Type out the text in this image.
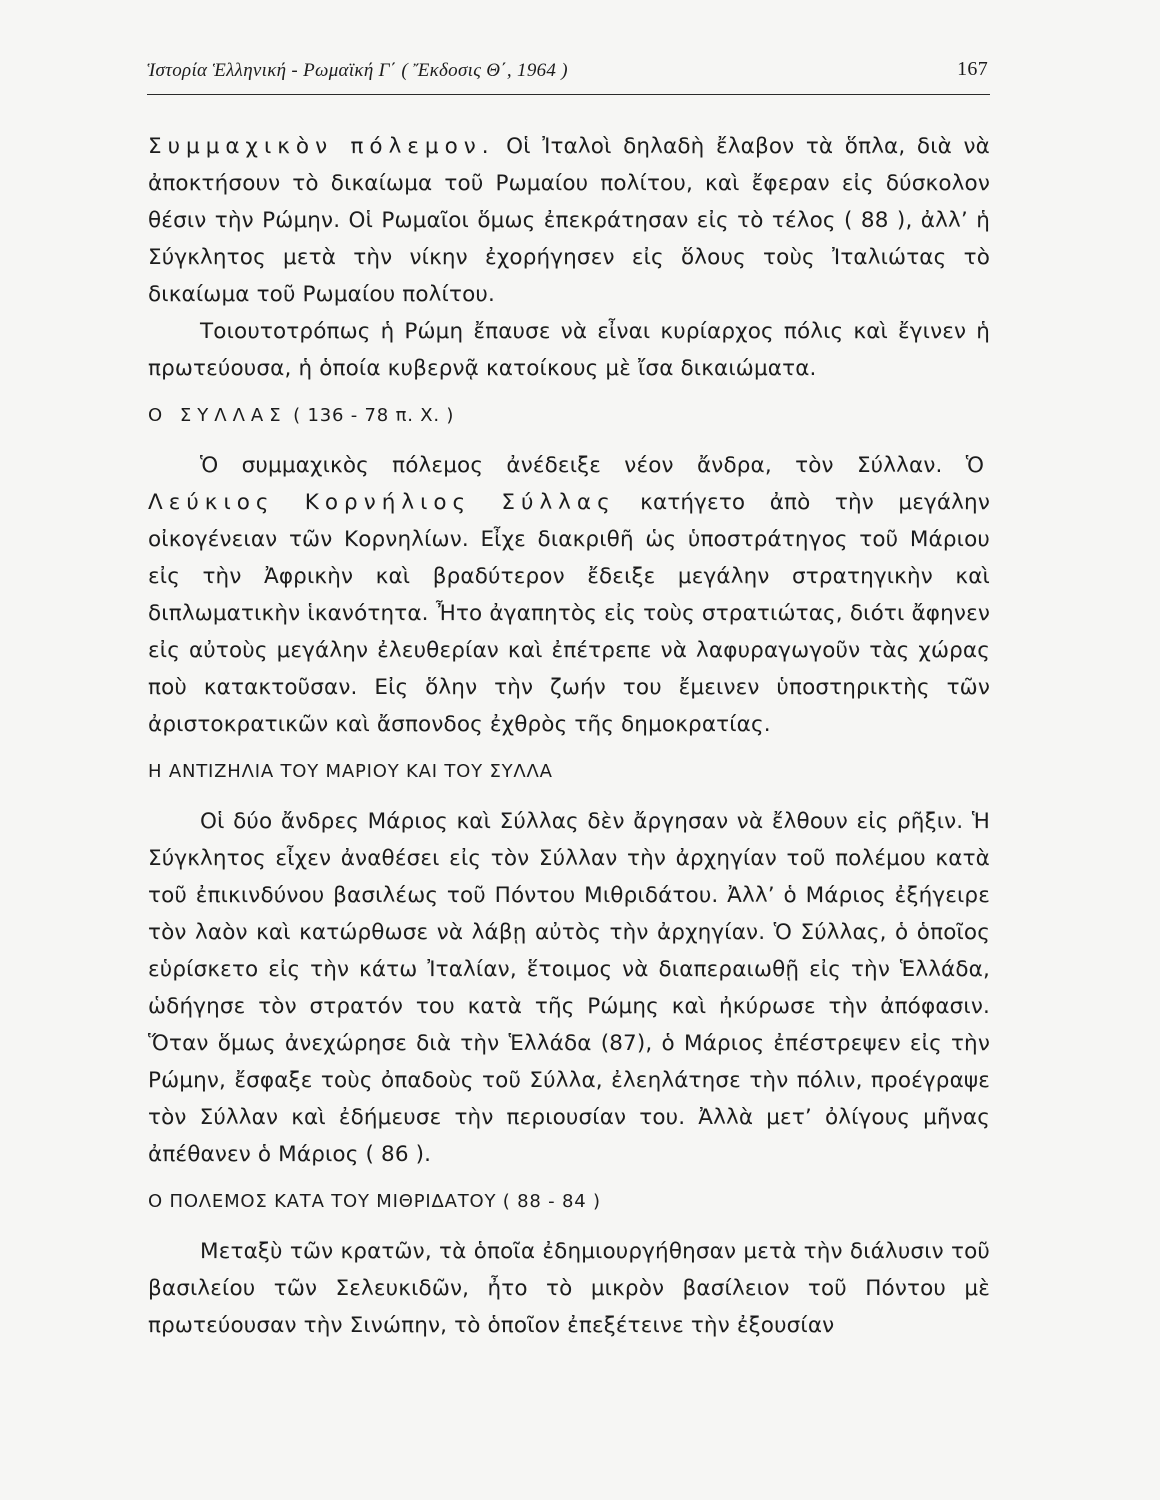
Ἱστορία Ἑλληνική - Ρωμαϊκή Γ΄ ( Ἔκδοσις Θ΄, 1964 )	167

Συμμαχικὸν πόλεμον. Οἱ Ἰταλοὶ δηλαδὴ ἔλαβον τὰ ὅπλα, διὰ νὰ ἀποκτήσουν τὸ δικαίωμα τοῦ Ρωμαίου πολίτου, καὶ ἔφεραν εἰς δύσκολον θέσιν τὴν Ρώμην. Οἱ Ρωμαῖοι ὅμως ἐπεκράτησαν εἰς τὸ τέλος ( 88 ), ἀλλ’ ἡ Σύγκλητος μετὰ τὴν νίκην ἐχορήγησεν εἰς ὅλους τοὺς Ἰταλιώτας τὸ δικαίωμα τοῦ Ρωμαίου πολίτου.

Τοιουτοτρόπως ἡ Ρώμη ἔπαυσε νὰ εἶναι κυρίαρχος πόλις καὶ ἔγινεν ἡ πρωτεύουσα, ἡ ὁποία κυβερνᾷ κατοίκους μὲ ἴσα δικαιώματα.

Ο ΣΥΛΛΑΣ ( 136 - 78 π. Χ. )

Ὁ συμμαχικὸς πόλεμος ἀνέδειξε νέον ἄνδρα, τὸν Σύλλαν. Ὁ Λεύκιος Κορνήλιος Σύλλας κατήγετο ἀπὸ τὴν μεγάλην οἰκογένειαν τῶν Κορνηλίων. Εἶχε διακριθῆ ὡς ὑποστράτηγος τοῦ Μάριου εἰς τὴν Ἀφρικὴν καὶ βραδύτερον ἔδειξε μεγάλην στρατηγικὴν καὶ διπλωματικὴν ἱκανότητα. Ἦτο ἀγαπητὸς εἰς τοὺς στρατιώτας, διότι ἄφηνεν εἰς αὐτοὺς μεγάλην ἐλευθερίαν καὶ ἐπέτρεπε νὰ λαφυραγωγοῦν τὰς χώρας ποὺ κατακτοῦσαν. Εἰς ὅλην τὴν ζωήν του ἔμεινεν ὑποστηρικτὴς τῶν ἀριστοκρατικῶν καὶ ἄσπονδος ἐχθρὸς τῆς δημοκρατίας.

Η ΑΝΤΙΖΗΛΙΑ ΤΟΥ ΜΑΡΙΟΥ ΚΑΙ ΤΟΥ ΣΥΛΛΑ

Οἱ δύο ἄνδρες Μάριος καὶ Σύλλας δὲν ἄργησαν νὰ ἔλθουν εἰς ρῆξιν. Ἡ Σύγκλητος εἶχεν ἀναθέσει εἰς τὸν Σύλλαν τὴν ἀρχηγίαν τοῦ πολέμου κατὰ τοῦ ἐπικινδύνου βασιλέως τοῦ Πόντου Μιθριδάτου. Ἀλλ’ ὁ Μάριος ἐξήγειρε τὸν λαὸν καὶ κατώρθωσε νὰ λάβῃ αὐτὸς τὴν ἀρχηγίαν. Ὁ Σύλλας, ὁ ὁποῖος εὑρίσκετο εἰς τὴν κάτω Ἰταλίαν, ἕτοιμος νὰ διαπεραιωθῇ εἰς τὴν Ἑλλάδα, ὡδήγησε τὸν στρατόν του κατὰ τῆς Ρώμης καὶ ἠκύρωσε τὴν ἀπόφασιν. Ὅταν ὅμως ἀνεχώρησε διὰ τὴν Ἑλλάδα (87), ὁ Μάριος ἐπέστρεψεν εἰς τὴν Ρώμην, ἔσφαξε τοὺς ὀπαδοὺς τοῦ Σύλλα, ἐλεηλάτησε τὴν πόλιν, προέγραψε τὸν Σύλλαν καὶ ἐδήμευσε τὴν περιουσίαν του. Ἀλλὰ μετ’ ὀλίγους μῆνας ἀπέθανεν ὁ Μάριος ( 86 ).

Ο ΠΟΛΕΜΟΣ ΚΑΤΑ ΤΟΥ ΜΙΘΡΙΔΑΤΟΥ ( 88 - 84 )

Μεταξὺ τῶν κρατῶν, τὰ ὁποῖα ἐδημιουργήθησαν μετὰ τὴν διάλυσιν τοῦ βασιλείου τῶν Σελευκιδῶν, ἦτο τὸ μικρὸν βασίλειον τοῦ Πόντου μὲ πρωτεύουσαν τὴν Σινώπην, τὸ ὁποῖον ἐπεξέτεινε τὴν ἐξουσίαν
